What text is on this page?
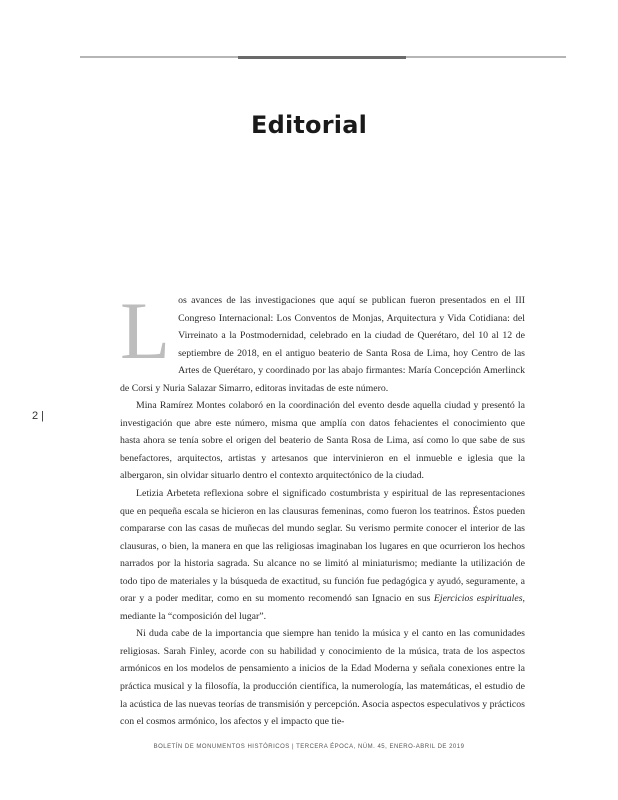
Editorial
2 |

Los avances de las investigaciones que aquí se publican fueron presentados en el III Congreso Internacional: Los Conventos de Monjas, Arquitectura y Vida Cotidiana: del Virreinato a la Postmodernidad, celebrado en la ciudad de Querétaro, del 10 al 12 de septiembre de 2018, en el antiguo beaterio de Santa Rosa de Lima, hoy Centro de las Artes de Querétaro, y coordinado por las abajo firmantes: María Concepción Amerlinck de Corsi y Nuria Salazar Simarro, editoras invitadas de este número.

Mina Ramírez Montes colaboró en la coordinación del evento desde aquella ciudad y presentó la investigación que abre este número, misma que amplía con datos fehacientes el conocimiento que hasta ahora se tenía sobre el origen del beaterio de Santa Rosa de Lima, así como lo que sabe de sus benefactores, arquitectos, artistas y artesanos que intervinieron en el inmueble e iglesia que la albergaron, sin olvidar situarlo dentro el contexto arquitectónico de la ciudad.

Letizia Arbeteta reflexiona sobre el significado costumbrista y espiritual de las representaciones que en pequeña escala se hicieron en las clausuras femeninas, como fueron los teatrinos. Éstos pueden compararse con las casas de muñecas del mundo seglar. Su verismo permite conocer el interior de las clausuras, o bien, la manera en que las religiosas imaginaban los lugares en que ocurrieron los hechos narrados por la historia sagrada. Su alcance no se limitó al miniaturismo; mediante la utilización de todo tipo de materiales y la búsqueda de exactitud, su función fue pedagógica y ayudó, seguramente, a orar y a poder meditar, como en su momento recomendó san Ignacio en sus Ejercicios espirituales, mediante la “composición del lugar”.

Ni duda cabe de la importancia que siempre han tenido la música y el canto en las comunidades religiosas. Sarah Finley, acorde con su habilidad y conocimiento de la música, trata de los aspectos armónicos en los modelos de pensamiento a inicios de la Edad Moderna y señala conexiones entre la práctica musical y la filosofía, la producción científica, la numerología, las matemáticas, el estudio de la acústica de las nuevas teorías de transmisión y percepción. Asocia aspectos especulativos y prácticos con el cosmos armónico, los afectos y el impacto que tie-

BOLETÍN DE MONUMENTOS HISTÓRICOS | TERCERA ÉPOCA, NÚM. 45, ENERO-ABRIL DE 2019
